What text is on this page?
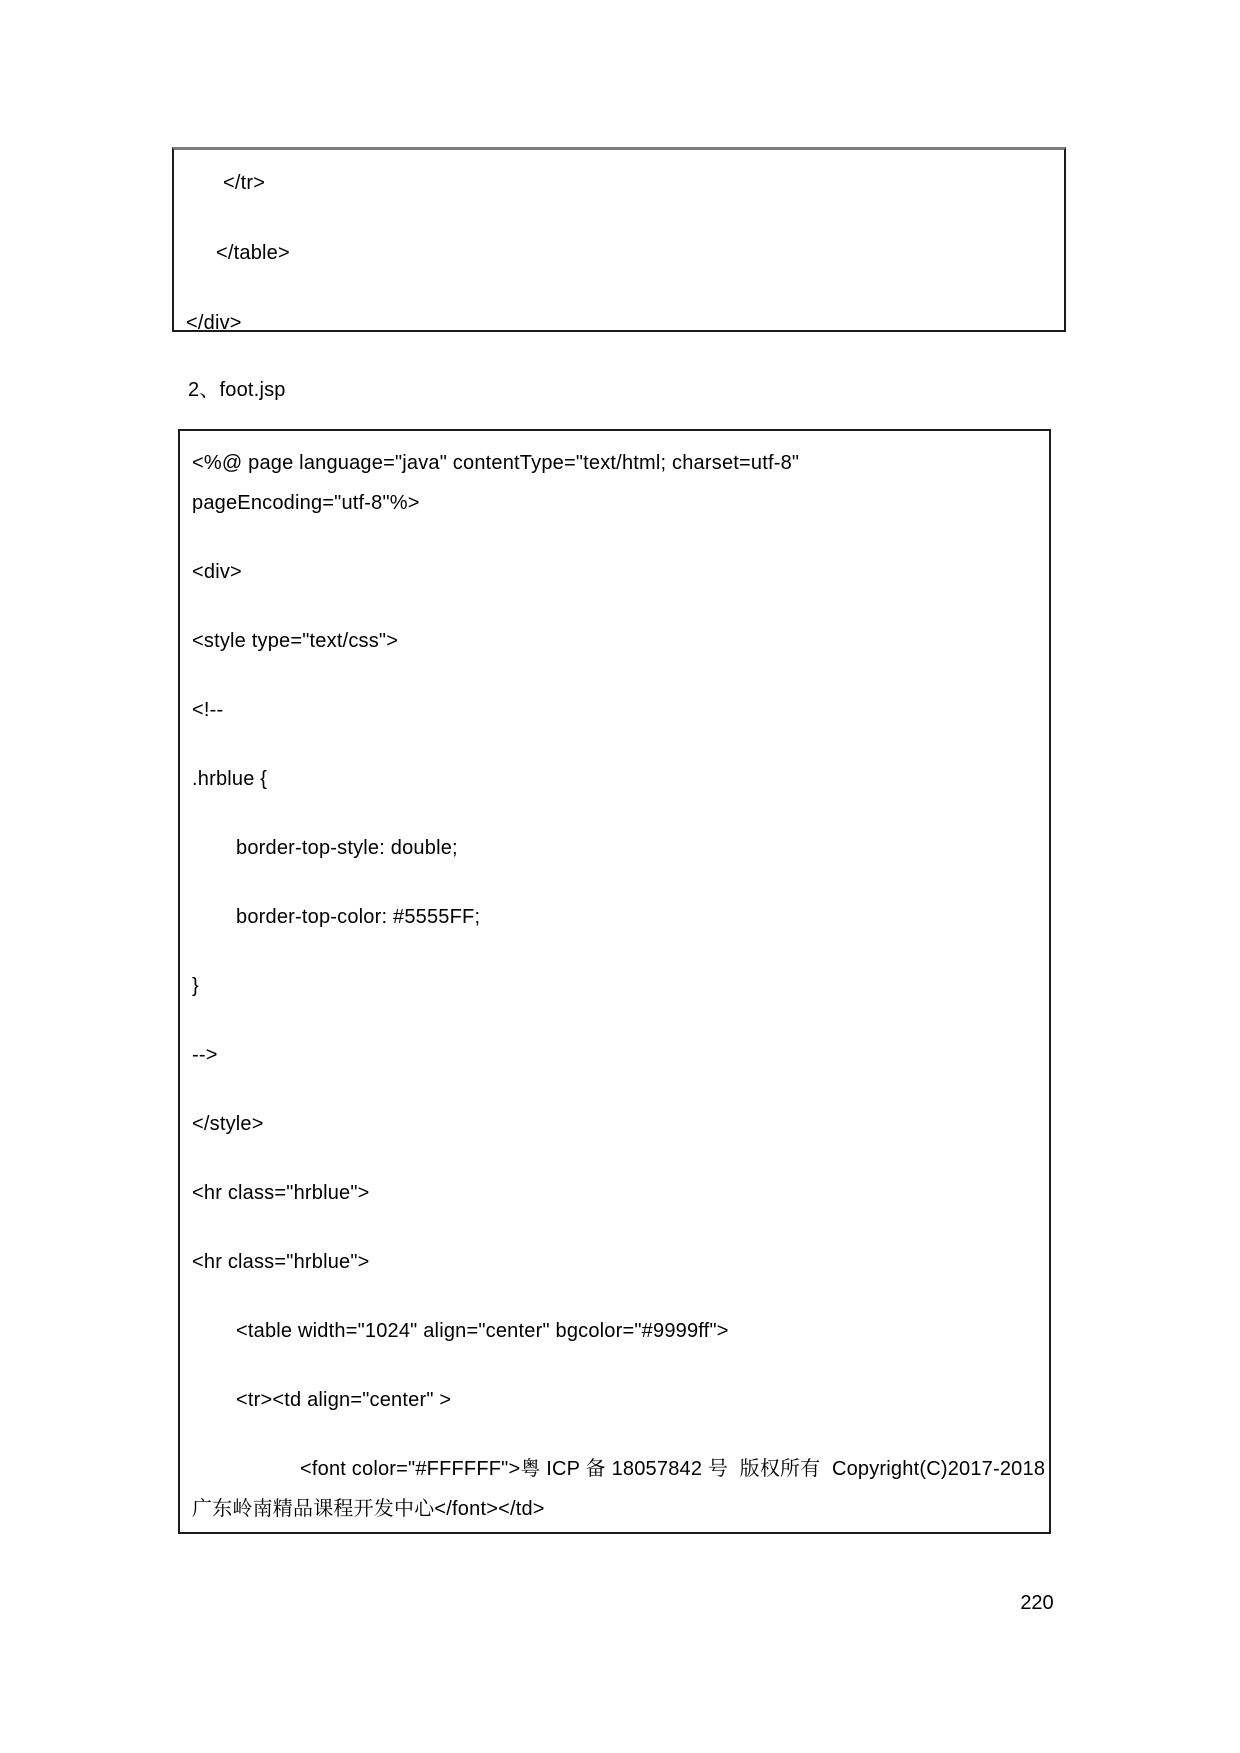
</tr>
</table>
</div>
2、foot.jsp
<%@ page language="java" contentType="text/html; charset=utf-8"
pageEncoding="utf-8"%>
<div>
<style type="text/css">
<!--
.hrblue {
border-top-style: double;
border-top-color: #5555FF;
}
-->
</style>
<hr class="hrblue">
<hr class="hrblue">
<table width="1024" align="center" bgcolor="#9999ff">
<tr><td align="center" >
<font color="#FFFFFF">粤 ICP 备 18057842 号  版权所有  Copyright(C)2017-2018
广东岭南精品课程开发中心</font></td>
220
